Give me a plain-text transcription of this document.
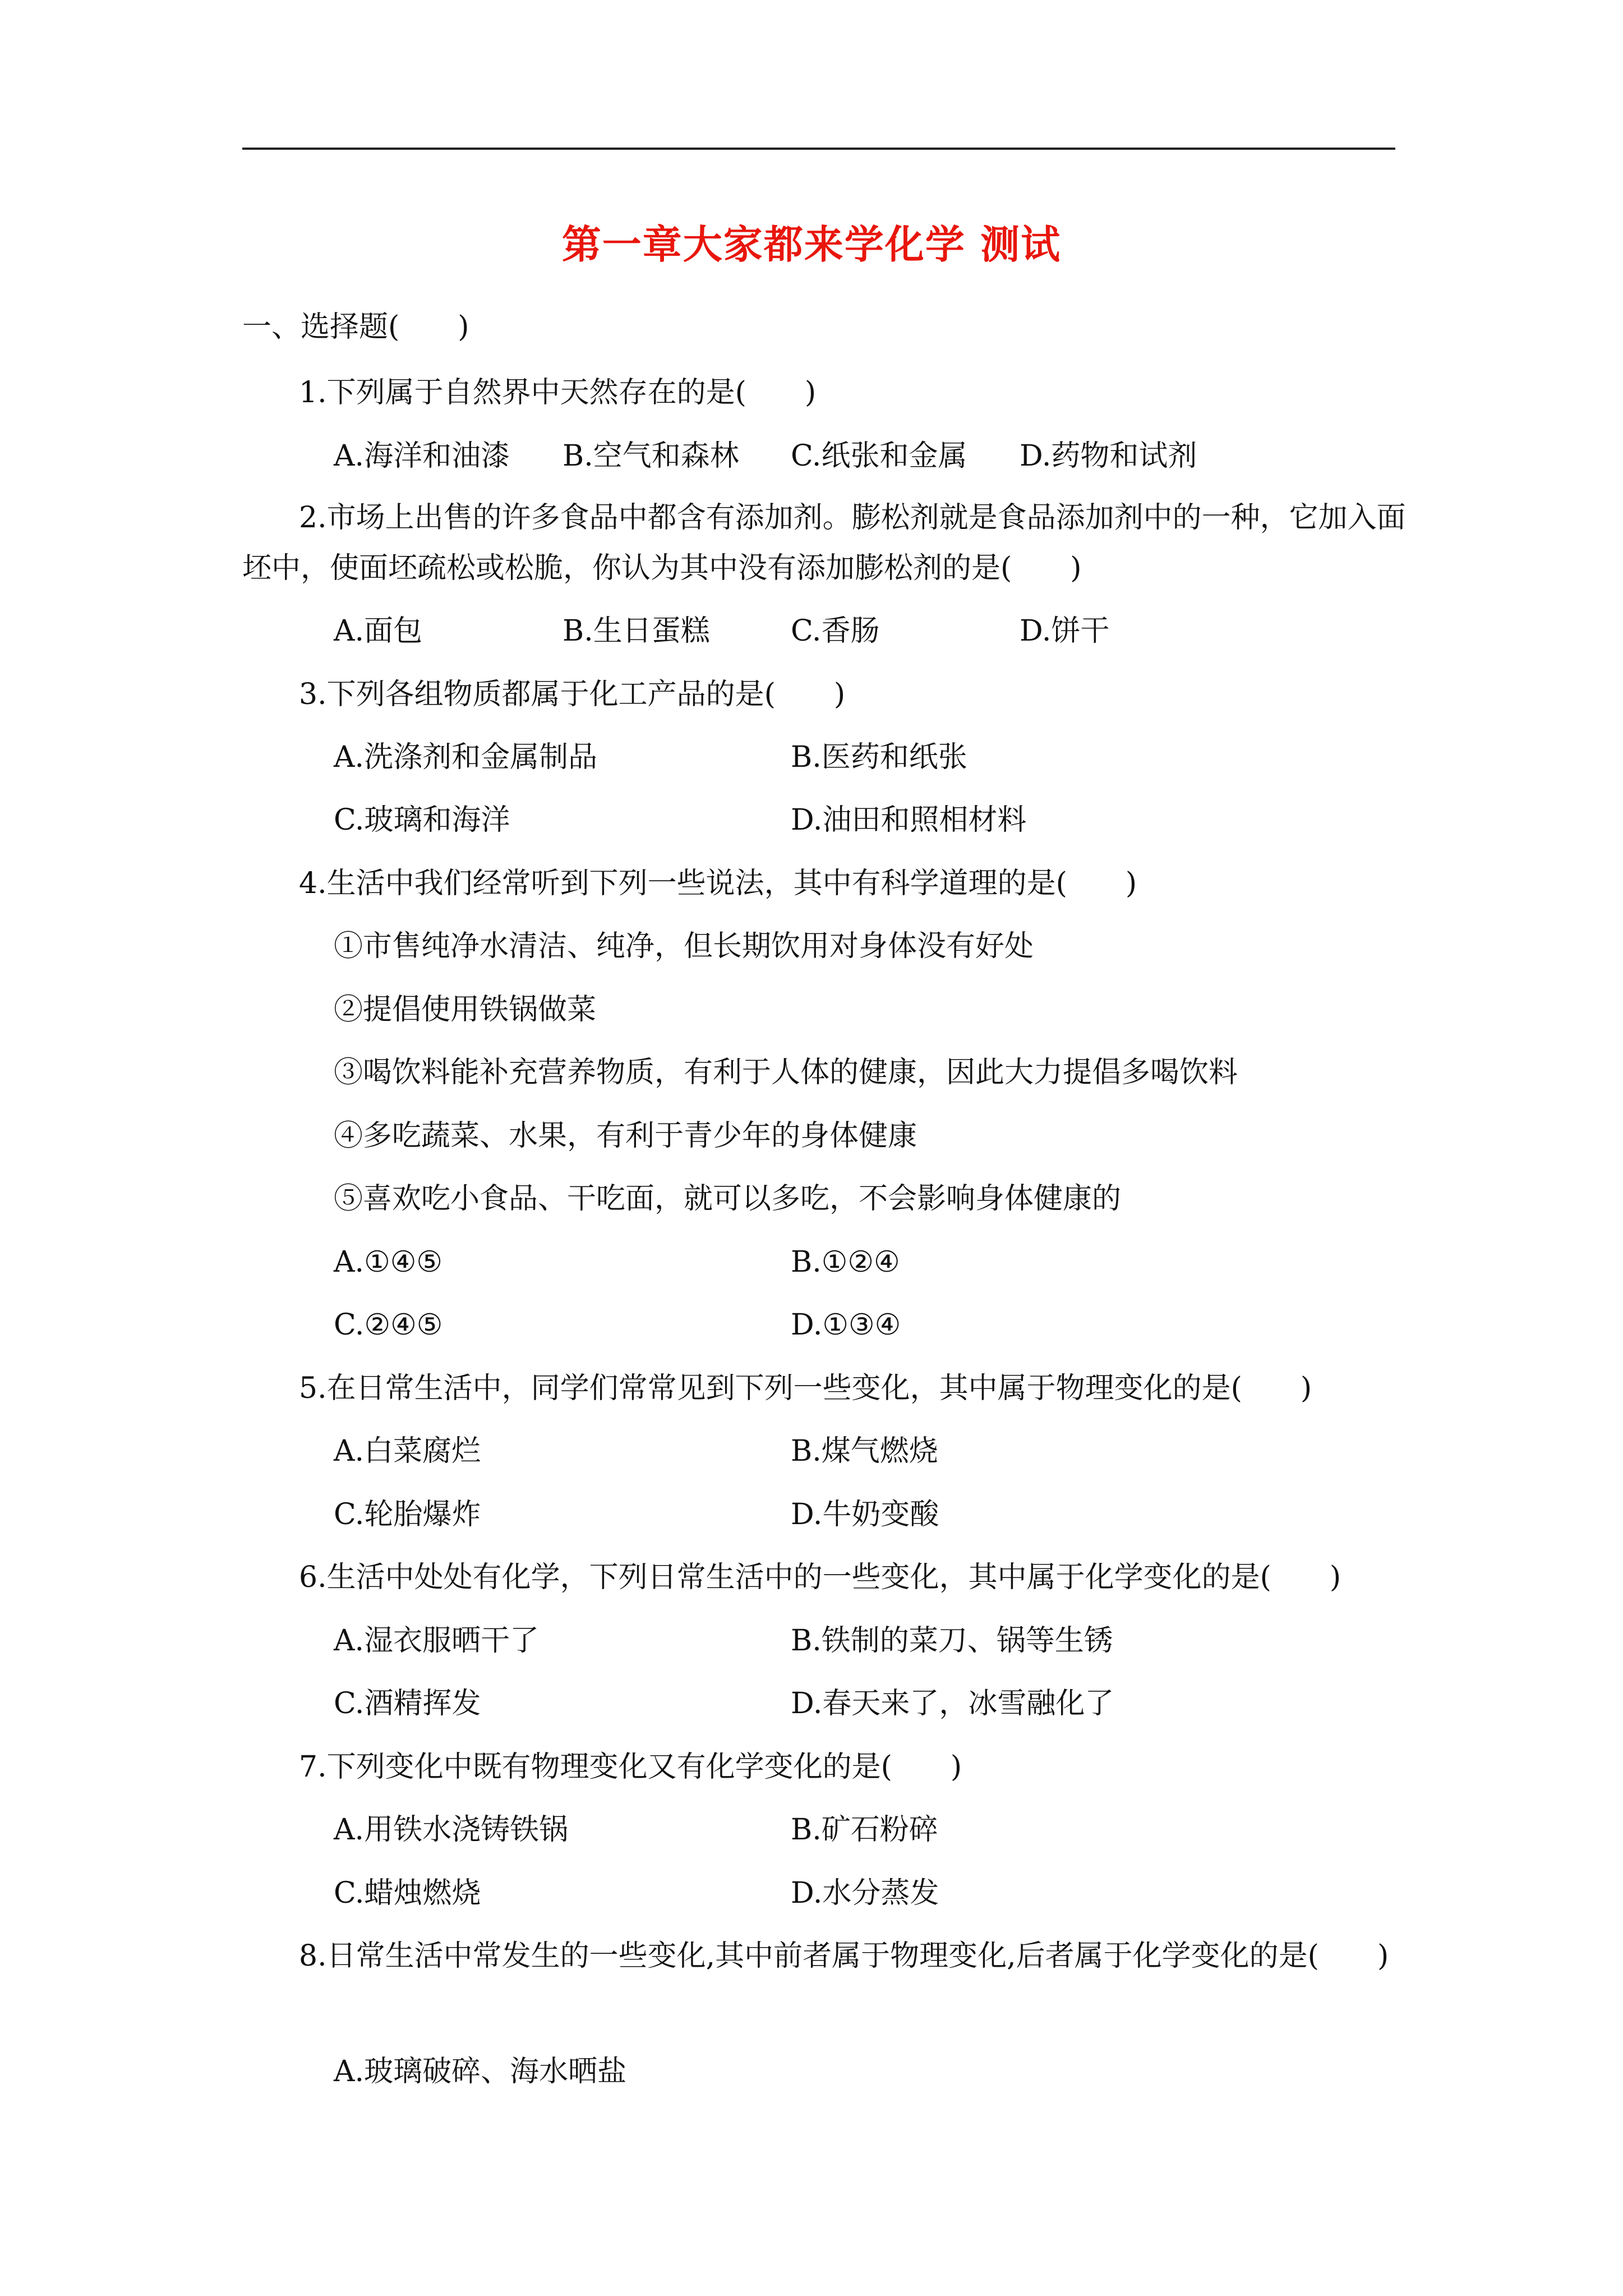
第一章大家都来学化学 测试
一、选择题(　　)
1.下列属于自然界中天然存在的是(　　)
A.海洋和油漆 B.空气和森林 C.纸张和金属 D.药物和试剂
2.市场上出售的许多食品中都含有添加剂。膨松剂就是食品添加剂中的一种，它加入面
坯中，使面坯疏松或松脆，你认为其中没有添加膨松剂的是(　　)
A.面包	B.生日蛋糕	C.香肠	D.饼干
3.下列各组物质都属于化工产品的是(　　)
A.洗涤剂和金属制品	B.医药和纸张
C.玻璃和海洋	D.油田和照相材料
4.生活中我们经常听到下列一些说法，其中有科学道理的是(　　)
①市售纯净水清洁、纯净，但长期饮用对身体没有好处
②提倡使用铁锅做菜
③喝饮料能补充营养物质，有利于人体的健康，因此大力提倡多喝饮料
④多吃蔬菜、水果，有利于青少年的身体健康
⑤喜欢吃小食品、干吃面，就可以多吃，不会影响身体健康的
A.①④⑤	B.①②④
C.②④⑤	D.①③④
5.在日常生活中，同学们常常见到下列一些变化，其中属于物理变化的是(　　)
A.白菜腐烂	B.煤气燃烧
C.轮胎爆炸	D.牛奶变酸
6.生活中处处有化学，下列日常生活中的一些变化，其中属于化学变化的是(　　)
A.湿衣服晒干了	B.铁制的菜刀、锅等生锈
C.酒精挥发	D.春天来了，冰雪融化了
7.下列变化中既有物理变化又有化学变化的是(　　)
A.用铁水浇铸铁锅	B.矿石粉碎
C.蜡烛燃烧	D.水分蒸发
8.日常生活中常发生的一些变化,其中前者属于物理变化,后者属于化学变化的是(　　)
A.玻璃破碎、海水晒盐
